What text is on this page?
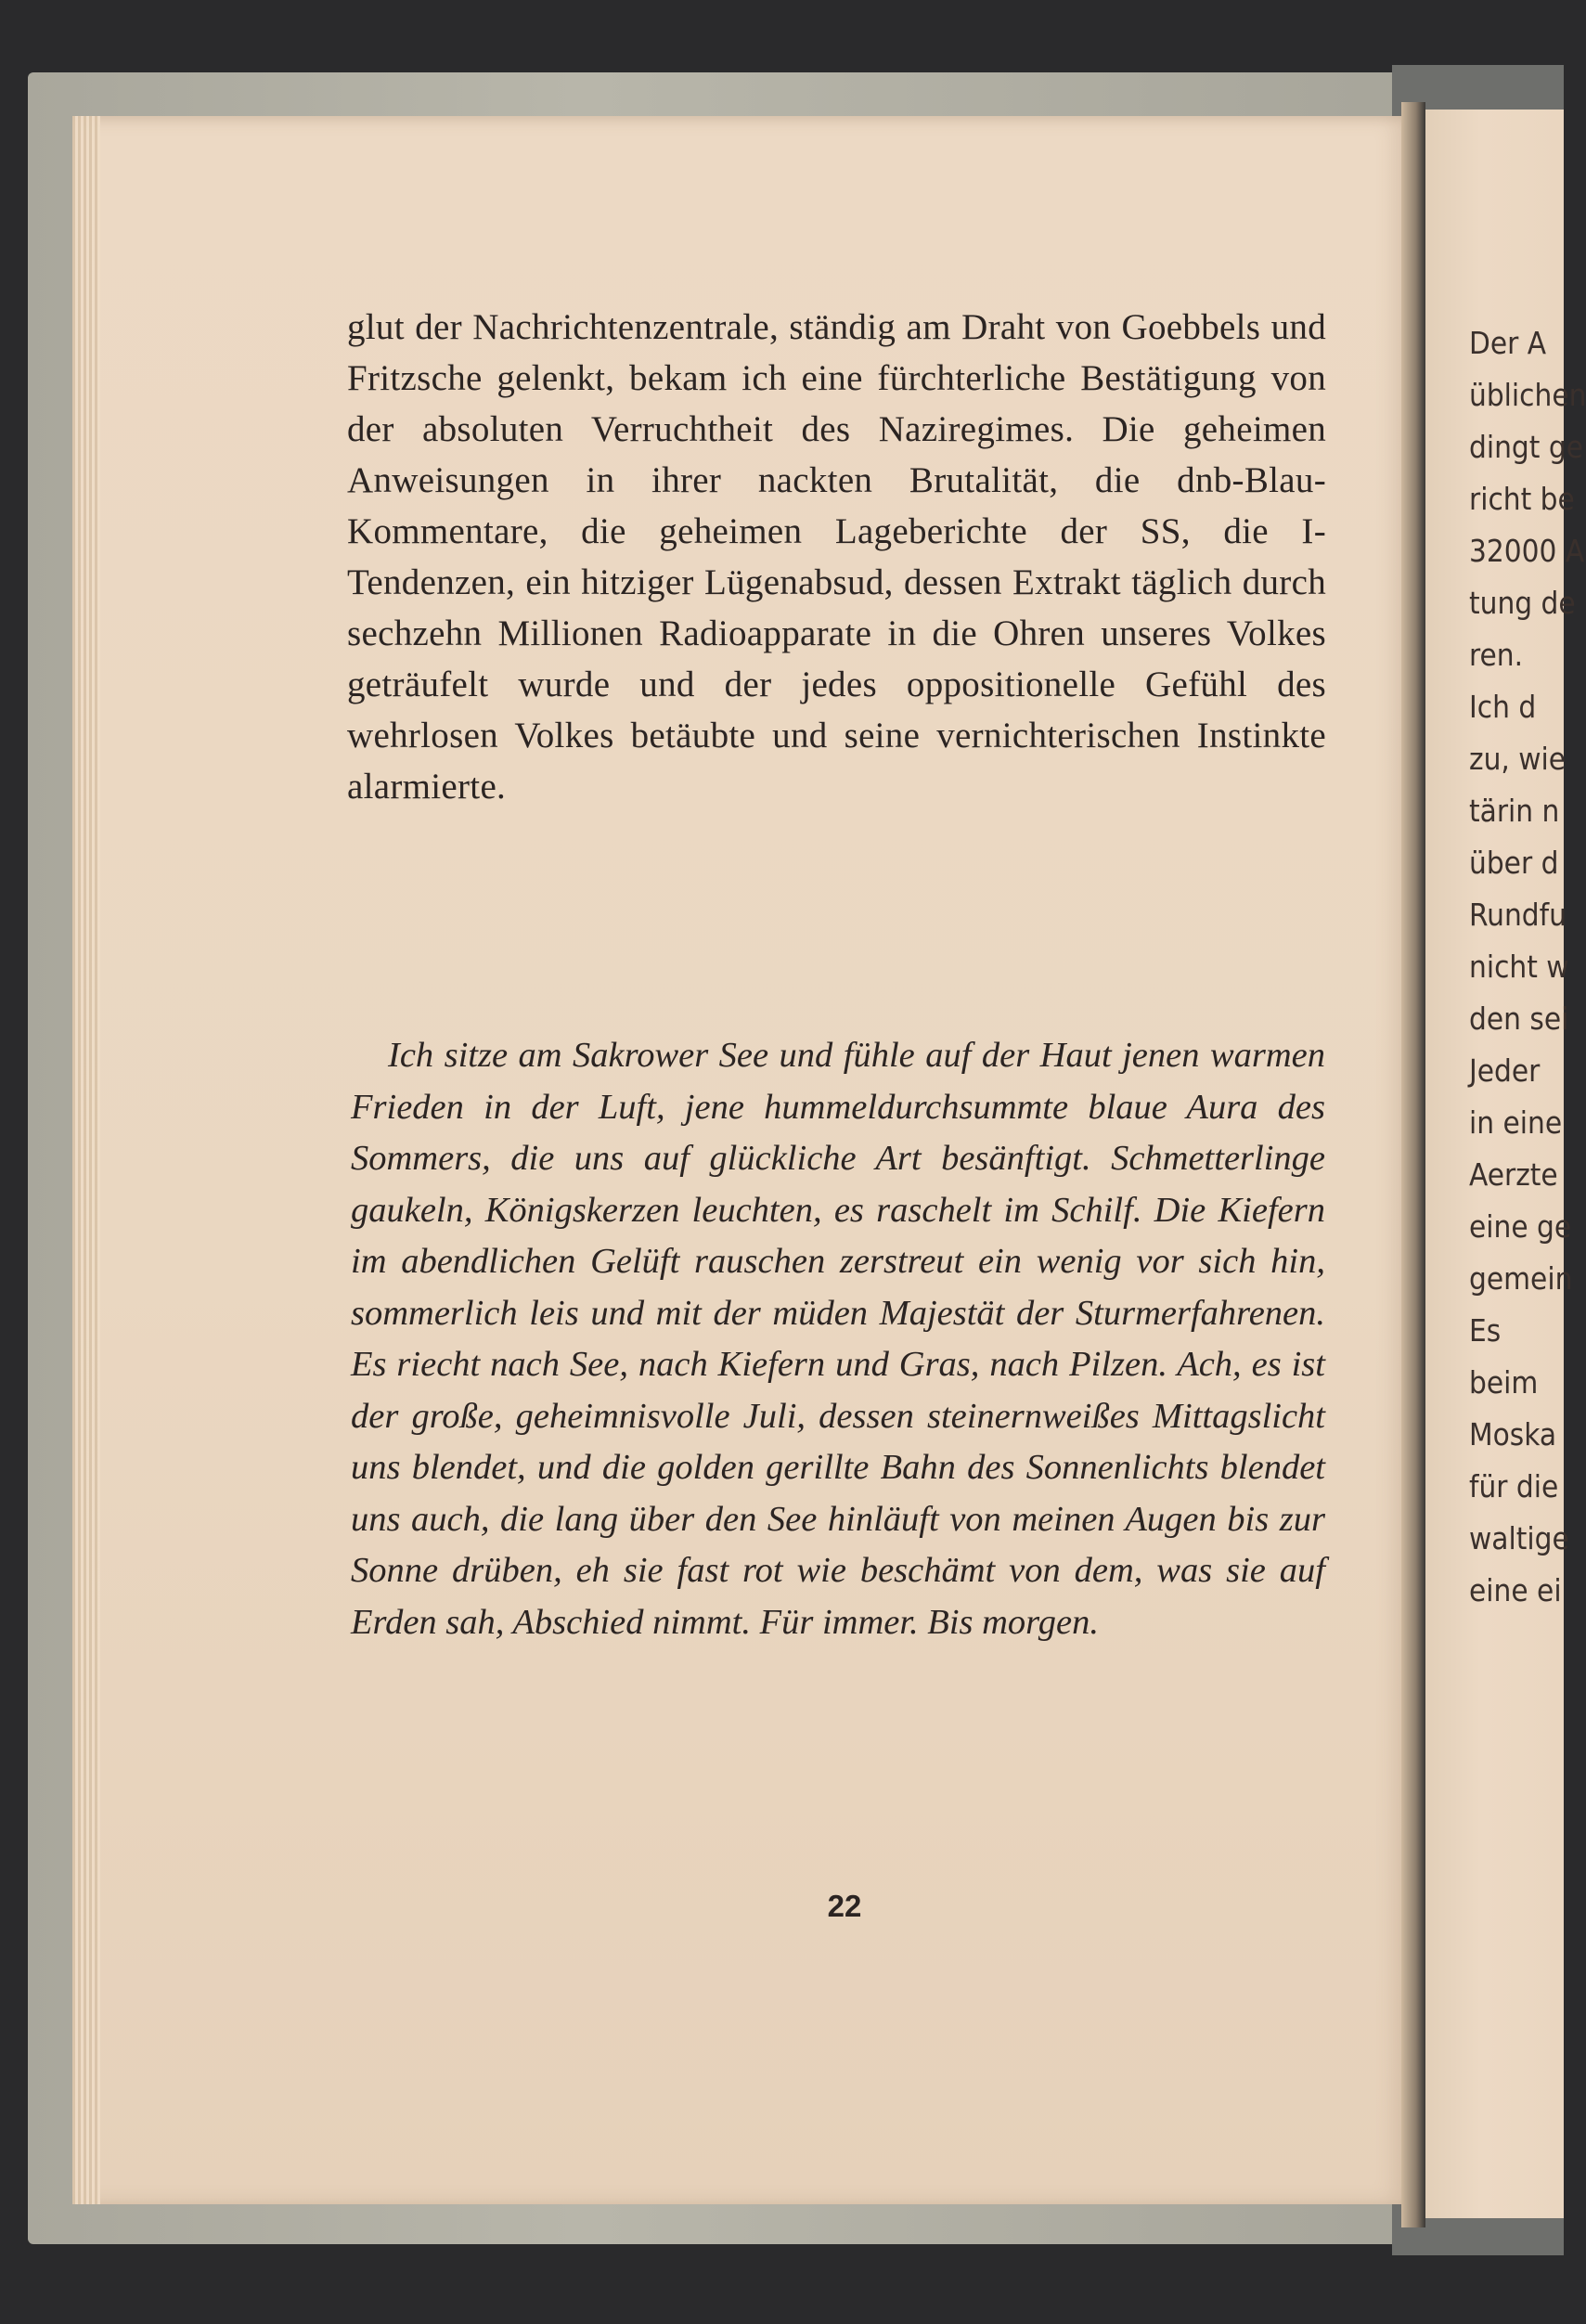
glut der Nachrichtenzentrale, ständig am Draht von Goebbels und Fritzsche gelenkt, bekam ich eine fürchterliche Bestätigung von der absoluten Verruchtheit des Naziregimes. Die geheimen Anweisungen in ihrer nackten Brutalität, die dnb-Blau-Kommentare, die geheimen Lageberichte der SS, die I-Tendenzen, ein hitziger Lügenabsud, dessen Extrakt täglich durch sechzehn Millionen Radioapparate in die Ohren unseres Volkes geträufelt wurde und der jedes oppositionelle Gefühl des wehrlosen Volkes betäubte und seine vernichterischen Instinkte alarmierte.

Ich sitze am Sakrower See und fühle auf der Haut jenen warmen Frieden in der Luft, jene hummeldurchsummte blaue Aura des Sommers, die uns auf glückliche Art besänftigt. Schmetterlinge gaukeln, Königskerzen leuchten, es raschelt im Schilf. Die Kiefern im abendlichen Gelüft rauschen zerstreut ein wenig vor sich hin, sommerlich leis und mit der müden Majestät der Sturmerfahrenen. Es riecht nach See, nach Kiefern und Gras, nach Pilzen. Ach, es ist der große, geheimnisvolle Juli, dessen steinernweißes Mittagslicht uns blendet, und die golden gerillte Bahn des Sonnenlichts blendet uns auch, die lang über den See hinläuft von meinen Augen bis zur Sonne drüben, eh sie fast rot wie beschämt von dem, was sie auf Erden sah, Abschied nimmt. Für immer. Bis morgen.

22
Der A
üblichen
dingt ge
richt be
32000 A
tung de
ren.
Ich d
zu, wie
tärin n
über d
Rundfu
nicht w
den sei
Jeder
in eine
Aerzte
eine ge
gemein
Es
beim
Moska
für die
waltige
eine ei
